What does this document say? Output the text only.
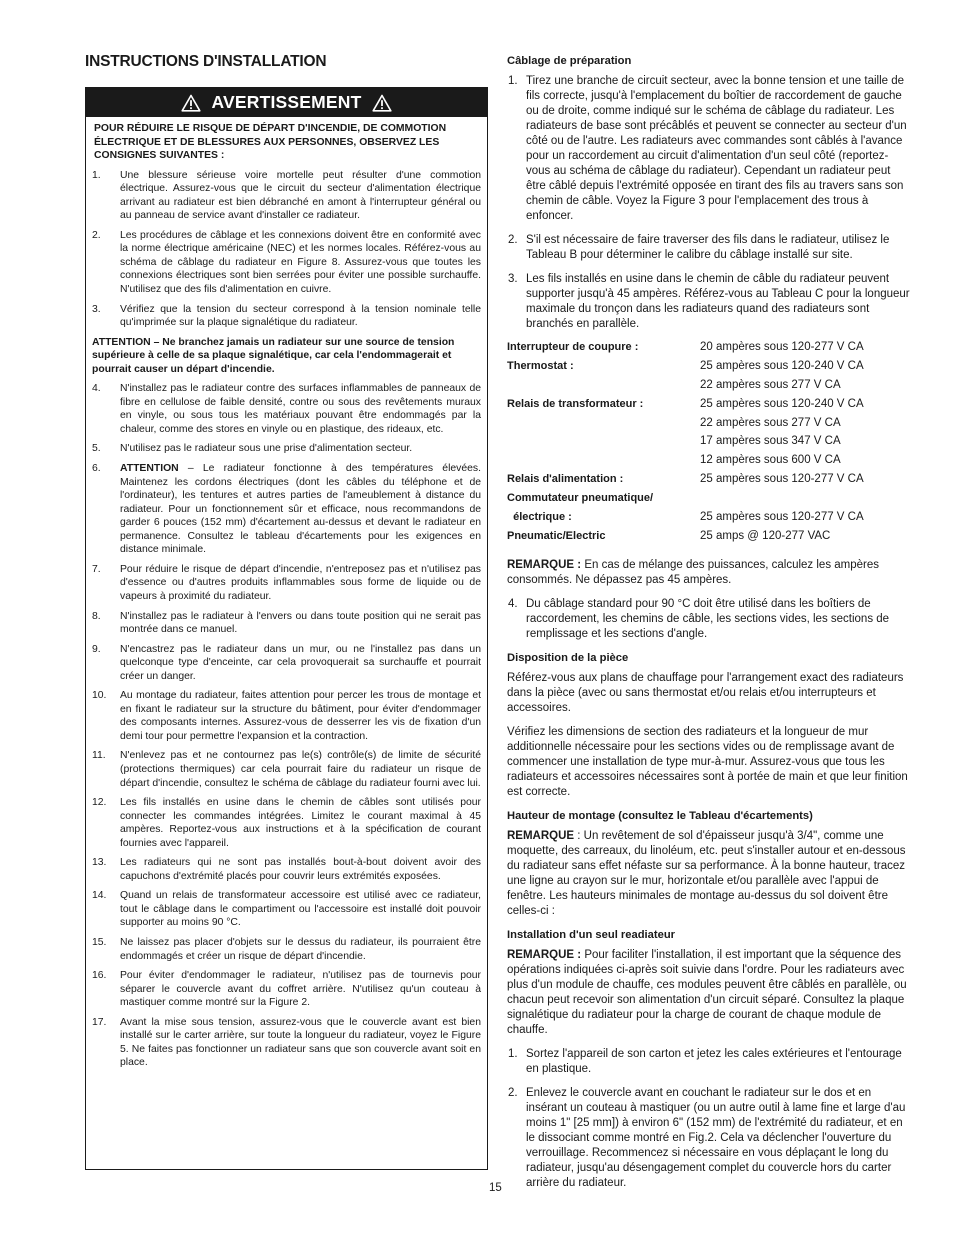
INSTRUCTIONS D'INSTALLATION
AVERTISSEMENT
POUR RÉDUIRE LE RISQUE DE DÉPART D'INCENDIE, DE COMMOTION ÉLECTRIQUE ET DE BLESSURES AUX PERSONNES, OBSERVEZ LES CONSIGNES SUIVANTES :
1.	Une blessure sérieuse voire mortelle peut résulter d'une commotion électrique. Assurez-vous que le circuit du secteur d'alimentation électrique arrivant au radiateur est bien débranché en amont à l'interrupteur général ou au panneau de service avant d'installer ce radiateur.
2.	Les procédures de câblage et les connexions doivent être en conformité avec la norme électrique américaine (NEC) et les normes locales. Référez-vous au schéma de câblage du radiateur en Figure 8. Assurez-vous que toutes les connexions électriques sont bien serrées pour éviter une possible surchauffe. N'utilisez que des fils d'alimentation en cuivre.
3.	Vérifiez que la tension du secteur correspond à la tension nominale telle qu'imprimée sur la plaque signalétique du radiateur.
ATTENTION – Ne branchez jamais un radiateur sur une source de tension supérieure à celle de sa plaque signalétique, car cela l'endommagerait et pourrait causer un départ d'incendie.
4.	N'installez pas le radiateur contre des surfaces inflammables de panneaux de fibre en cellulose de faible densité, contre ou sous des revêtements muraux en vinyle, ou sous tous les matériaux pouvant être endommagés par la chaleur, comme des stores en vinyle ou en plastique, des rideaux, etc.
5.	N'utilisez pas le radiateur sous une prise d'alimentation secteur.
6.	ATTENTION – Le radiateur fonctionne à des températures élevées. Maintenez les cordons électriques (dont les câbles du téléphone et de l'ordinateur), les tentures et autres parties de l'ameublement à distance du radiateur. Pour un fonctionnement sûr et efficace, nous recommandons de garder 6 pouces (152 mm) d'écartement au-dessus et devant le radiateur en permanence. Consultez le tableau d'écartements pour les exigences en distance minimale.
7.	Pour réduire le risque de départ d'incendie, n'entreposez pas et n'utilisez pas d'essence ou d'autres produits inflammables sous forme de liquide ou de vapeurs à proximité du radiateur.
8.	N'installez pas le radiateur à l'envers ou dans toute position qui ne serait pas montrée dans ce manuel.
9.	N'encastrez pas le radiateur dans un mur, ou ne l'installez pas dans un quelconque type d'enceinte, car cela provoquerait sa surchauffe et pourrait créer un danger.
10.	Au montage du radiateur, faites attention pour percer les trous de montage et en fixant le radiateur sur la structure du bâtiment, pour éviter d'endommager des composants internes. Assurez-vous de desserrer les vis de fixation d'un demi tour pour permettre l'expansion et la contraction.
11.	N'enlevez pas et ne contournez pas le(s) contrôle(s) de limite de sécurité (protections thermiques) car cela pourrait faire du radiateur un risque de départ d'incendie, consultez le schéma de câblage du radiateur fourni avec lui.
12.	Les fils installés en usine dans le chemin de câbles sont utilisés pour connecter les commandes intégrées. Limitez le courant maximal à 45 ampères. Reportez-vous aux instructions et à la spécification de courant fournies avec l'appareil.
13.	Les radiateurs qui ne sont pas installés bout-à-bout doivent avoir des capuchons d'extrémité placés pour couvrir leurs extrémités exposées.
14.	Quand un relais de transformateur accessoire est utilisé avec ce radiateur, tout le câblage dans le compartiment ou l'accessoire est installé doit pouvoir supporter au moins 90 °C.
15.	Ne laissez pas placer d'objets sur le dessus du radiateur, ils pourraient être endommagés et créer un risque de départ d'incendie.
16.	Pour éviter d'endommager le radiateur, n'utilisez pas de tournevis pour séparer le couvercle avant du coffret arrière. N'utilisez qu'un couteau à mastiquer comme montré sur la Figure 2.
17.	Avant la mise sous tension, assurez-vous que le couvercle avant est bien installé sur le carter arrière, sur toute la longueur du radiateur, voyez le Figure 5. Ne faites pas fonctionner un radiateur sans que son couvercle avant soit en place.
Câblage de préparation
1. Tirez une branche de circuit secteur, avec la bonne tension et une taille de fils correcte, jusqu'à l'emplacement du boîtier de raccordement de gauche ou de droite, comme indiqué sur le schéma de câblage du radiateur. Les radiateurs de base sont précâblés et peuvent se connecter au secteur d'un côté ou de l'autre. Les radiateurs avec commandes sont câblés à l'avance pour un raccordement au circuit d'alimentation d'un seul côté (reportez-vous au schéma de câblage du radiateur). Cependant un radiateur peut être câblé depuis l'extrémité opposée en tirant des fils au travers sans son chemin de câble. Voyez la Figure 3 pour l'emplacement des trous à enfoncer.
2. S'il est nécessaire de faire traverser des fils dans le radiateur, utilisez le Tableau B pour déterminer le calibre du câblage installé sur site.
3. Les fils installés en usine dans le chemin de câble du radiateur peuvent supporter jusqu'à 45 ampères. Référez-vous au Tableau C pour la longueur maximale du tronçon dans les radiateurs quand des radiateurs sont branchés en parallèle.
Interrupteur de coupure :	20 ampères sous 120-277 V CA
Thermostat :	25 ampères sous 120-240 V CA
22 ampères sous 277 V CA
Relais de transformateur :	25 ampères sous 120-240 V CA
22 ampères sous 277 V CA
17 ampères sous 347 V CA
12 ampères sous 600 V CA
Relais d'alimentation :	25 ampères sous 120-277 V CA
Commutateur pneumatique/
électrique :	25 ampères sous 120-277 V CA
Pneumatic/Electric	25 amps @ 120-277 VAC

REMARQUE : En cas de mélange des puissances, calculez les ampères consommés. Ne dépassez pas 45 ampères.

4. Du câblage standard pour 90 °C doit être utilisé dans les boîtiers de raccordement, les chemins de câble, les sections vides, les sections de remplissage et les sections d'angle.
Disposition de la pièce

Référez-vous aux plans de chauffage pour l'arrangement exact des radiateurs dans la pièce (avec ou sans thermostat et/ou relais et/ou interrupteurs et accessoires.

Vérifiez les dimensions de section des radiateurs et la longueur de mur additionnelle nécessaire pour les sections vides ou de remplissage avant de commencer une installation de type mur-à-mur. Assurez-vous que tous les radiateurs et accessoires nécessaires sont à portée de main et que leur finition est correcte.

Hauteur de montage (consultez le Tableau d'écartements)

REMARQUE : Un revêtement de sol d'épaisseur jusqu'à 3/4", comme une moquette, des carreaux, du linoléum, etc. peut s'installer autour et en-dessous du radiateur sans effet néfaste sur sa performance. À la bonne hauteur, tracez une ligne au crayon sur le mur, horizontale et/ou parallèle avec l'appui de fenêtre. Les hauteurs minimales de montage au-dessus du sol doivent être celles-ci :

Installation d'un seul readiateur

REMARQUE : Pour faciliter l'installation, il est important que la séquence des opérations indiquées ci-après soit suivie dans l'ordre. Pour les radiateurs avec plus d'un module de chauffe, ces modules peuvent être câblés en parallèle, ou chacun peut recevoir son alimentation d'un circuit séparé. Consultez la plaque signalétique du radiateur pour la charge de courant de chaque module de chauffe.

1. Sortez l'appareil de son carton et jetez les cales extérieures et l'entourage en plastique.
2. Enlevez le couvercle avant en couchant le radiateur sur le dos et en insérant un couteau à mastiquer (ou un autre outil à lame fine et large d'au moins 1" [25 mm]) à environ 6" (152 mm) de l'extrémité du radiateur, et en le dissociant comme montré en Fig.2. Cela va déclencher l'ouverture du verrouillage. Recommencez si nécessaire en vous déplaçant le long du radiateur, jusqu'au désengagement complet du couvercle hors du carter arrière du radiateur.
15
